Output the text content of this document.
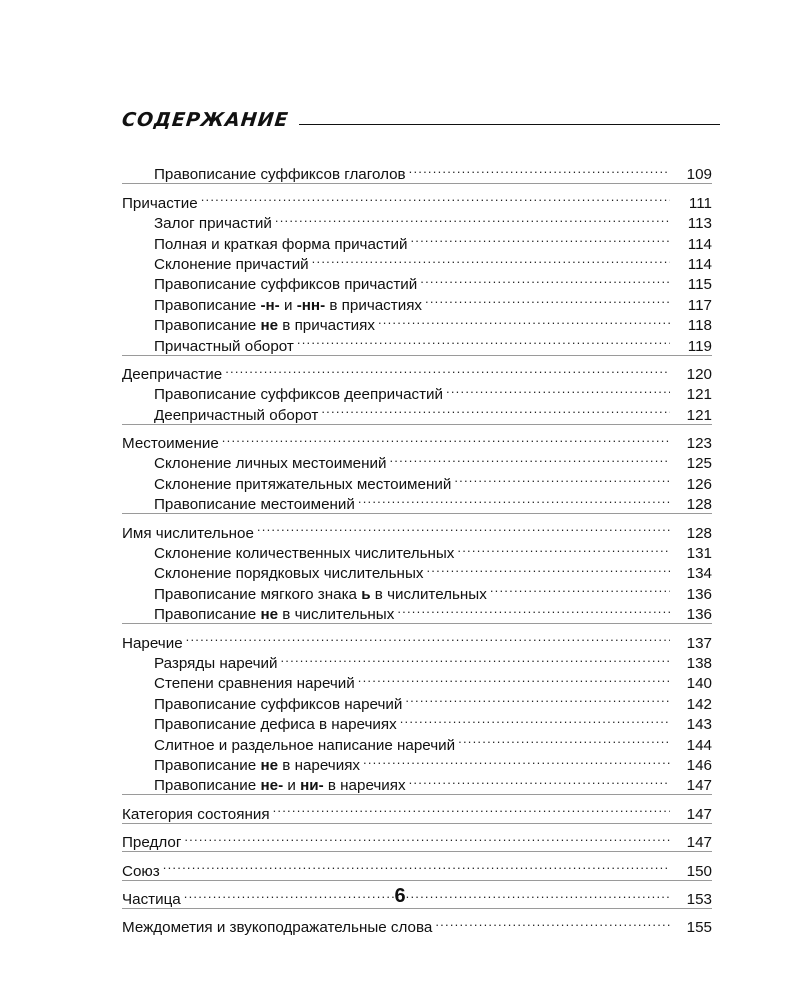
СОДЕРЖАНИЕ
Правописание суффиксов глаголов . . .	109
Причастие . . .	111
Залог причастий . . .	113
Полная и краткая форма причастий . . .	114
Склонение причастий . . .	114
Правописание суффиксов причастий . . .	115
Правописание -н- и -нн- в причастиях . . .	117
Правописание не в причастиях . . .	118
Причастный оборот . . .	119
Деепричастие . . .	120
Правописание суффиксов деепричастий . . .	121
Деепричастный оборот . . .	121
Местоимение . . .	123
Склонение личных местоимений . . .	125
Склонение притяжательных местоимений . . .	126
Правописание местоимений . . .	128
Имя числительное . . .	128
Склонение количественных числительных . . .	131
Склонение порядковых числительных . . .	134
Правописание мягкого знака ь в числительных . . .	136
Правописание не в числительных . . .	136
Наречие . . .	137
Разряды наречий . . .	138
Степени сравнения наречий . . .	140
Правописание суффиксов наречий . . .	142
Правописание дефиса в наречиях . . .	143
Слитное и раздельное написание наречий . . .	144
Правописание не в наречиях . . .	146
Правописание не- и ни- в наречиях . . .	147
Категория состояния . . .	147
Предлог . . .	147
Союз . . .	150
Частица . . .	153
Междометия и звукоподражательные слова . . .	155
6
